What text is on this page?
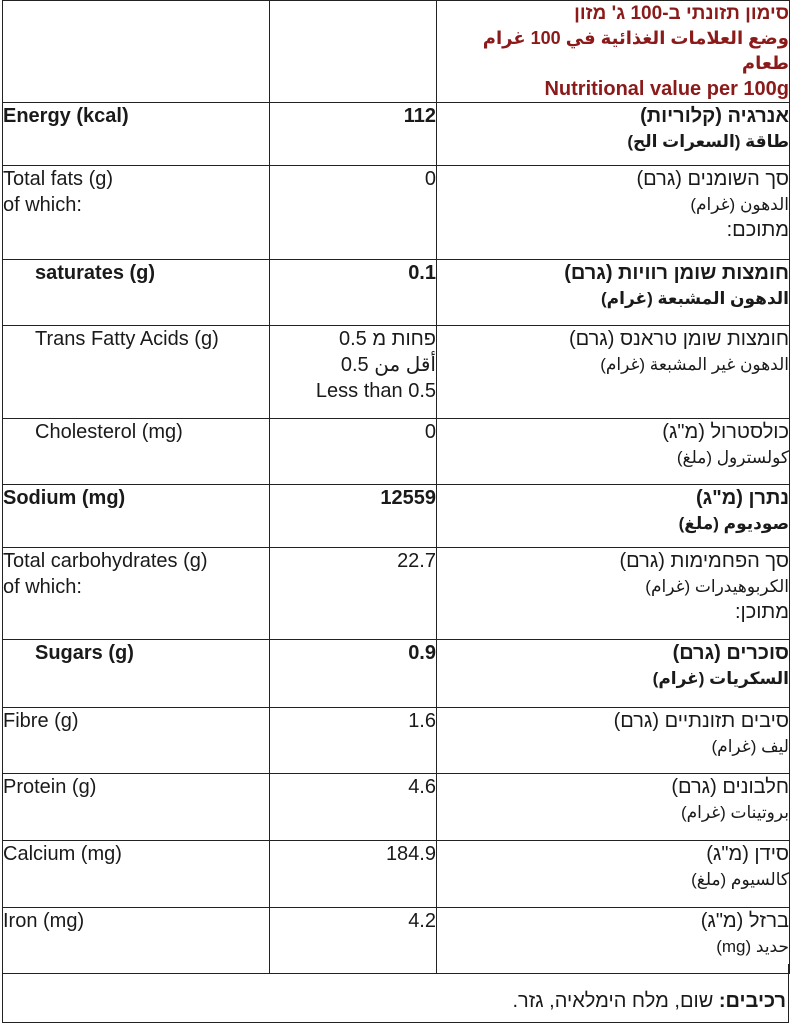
		סימון תזונתי ב-100 ג' מזון
وضع العلامات الغذائية في 100 غرام طعام
Nutritional value per 100g

Energy (kcal)	112	אנרגיה (קלוריות)
طاقة (السعرات الح)

Total fats (g)
of which:	0	סך השומנים (גרם)
الدهون (غرام)
מתוכם:

saturates (g)	0.1	חומצות שומן רוויות (גרם)
الدهون المشبعة (غرام)

Trans Fatty Acids (g)	פחות מ 0.5
أقل من 0.5
Less than 0.5	חומצות שומן טראנס (גרם)
الدهون غير المشبعة (غرام)

Cholesterol (mg)	0	כולסטרול (מ"ג)
كولسترول (ملغ)

Sodium (mg)	12559	נתרן (מ"ג)
صوديوم (ملغ)

Total carbohydrates (g)
of which:	22.7	סך הפחמימות (גרם)
الكربوهيدرات (غرام)
מתוכן:

Sugars (g)	0.9	סוכרים (גרם)
السكريات (غرام)

Fibre (g)	1.6	סיבים תזונתיים (גרם)
ليف (غرام)

Protein (g)	4.6	חלבונים (גרם)
بروتينات (غرام)

Calcium (mg)	184.9	סידן (מ"ג)
كالسيوم (ملغ)

Iron (mg)	4.2	ברזל (מ"ג)
حديد (mg)
רכיבים: שום, מלח הימלאיה, גזר.
